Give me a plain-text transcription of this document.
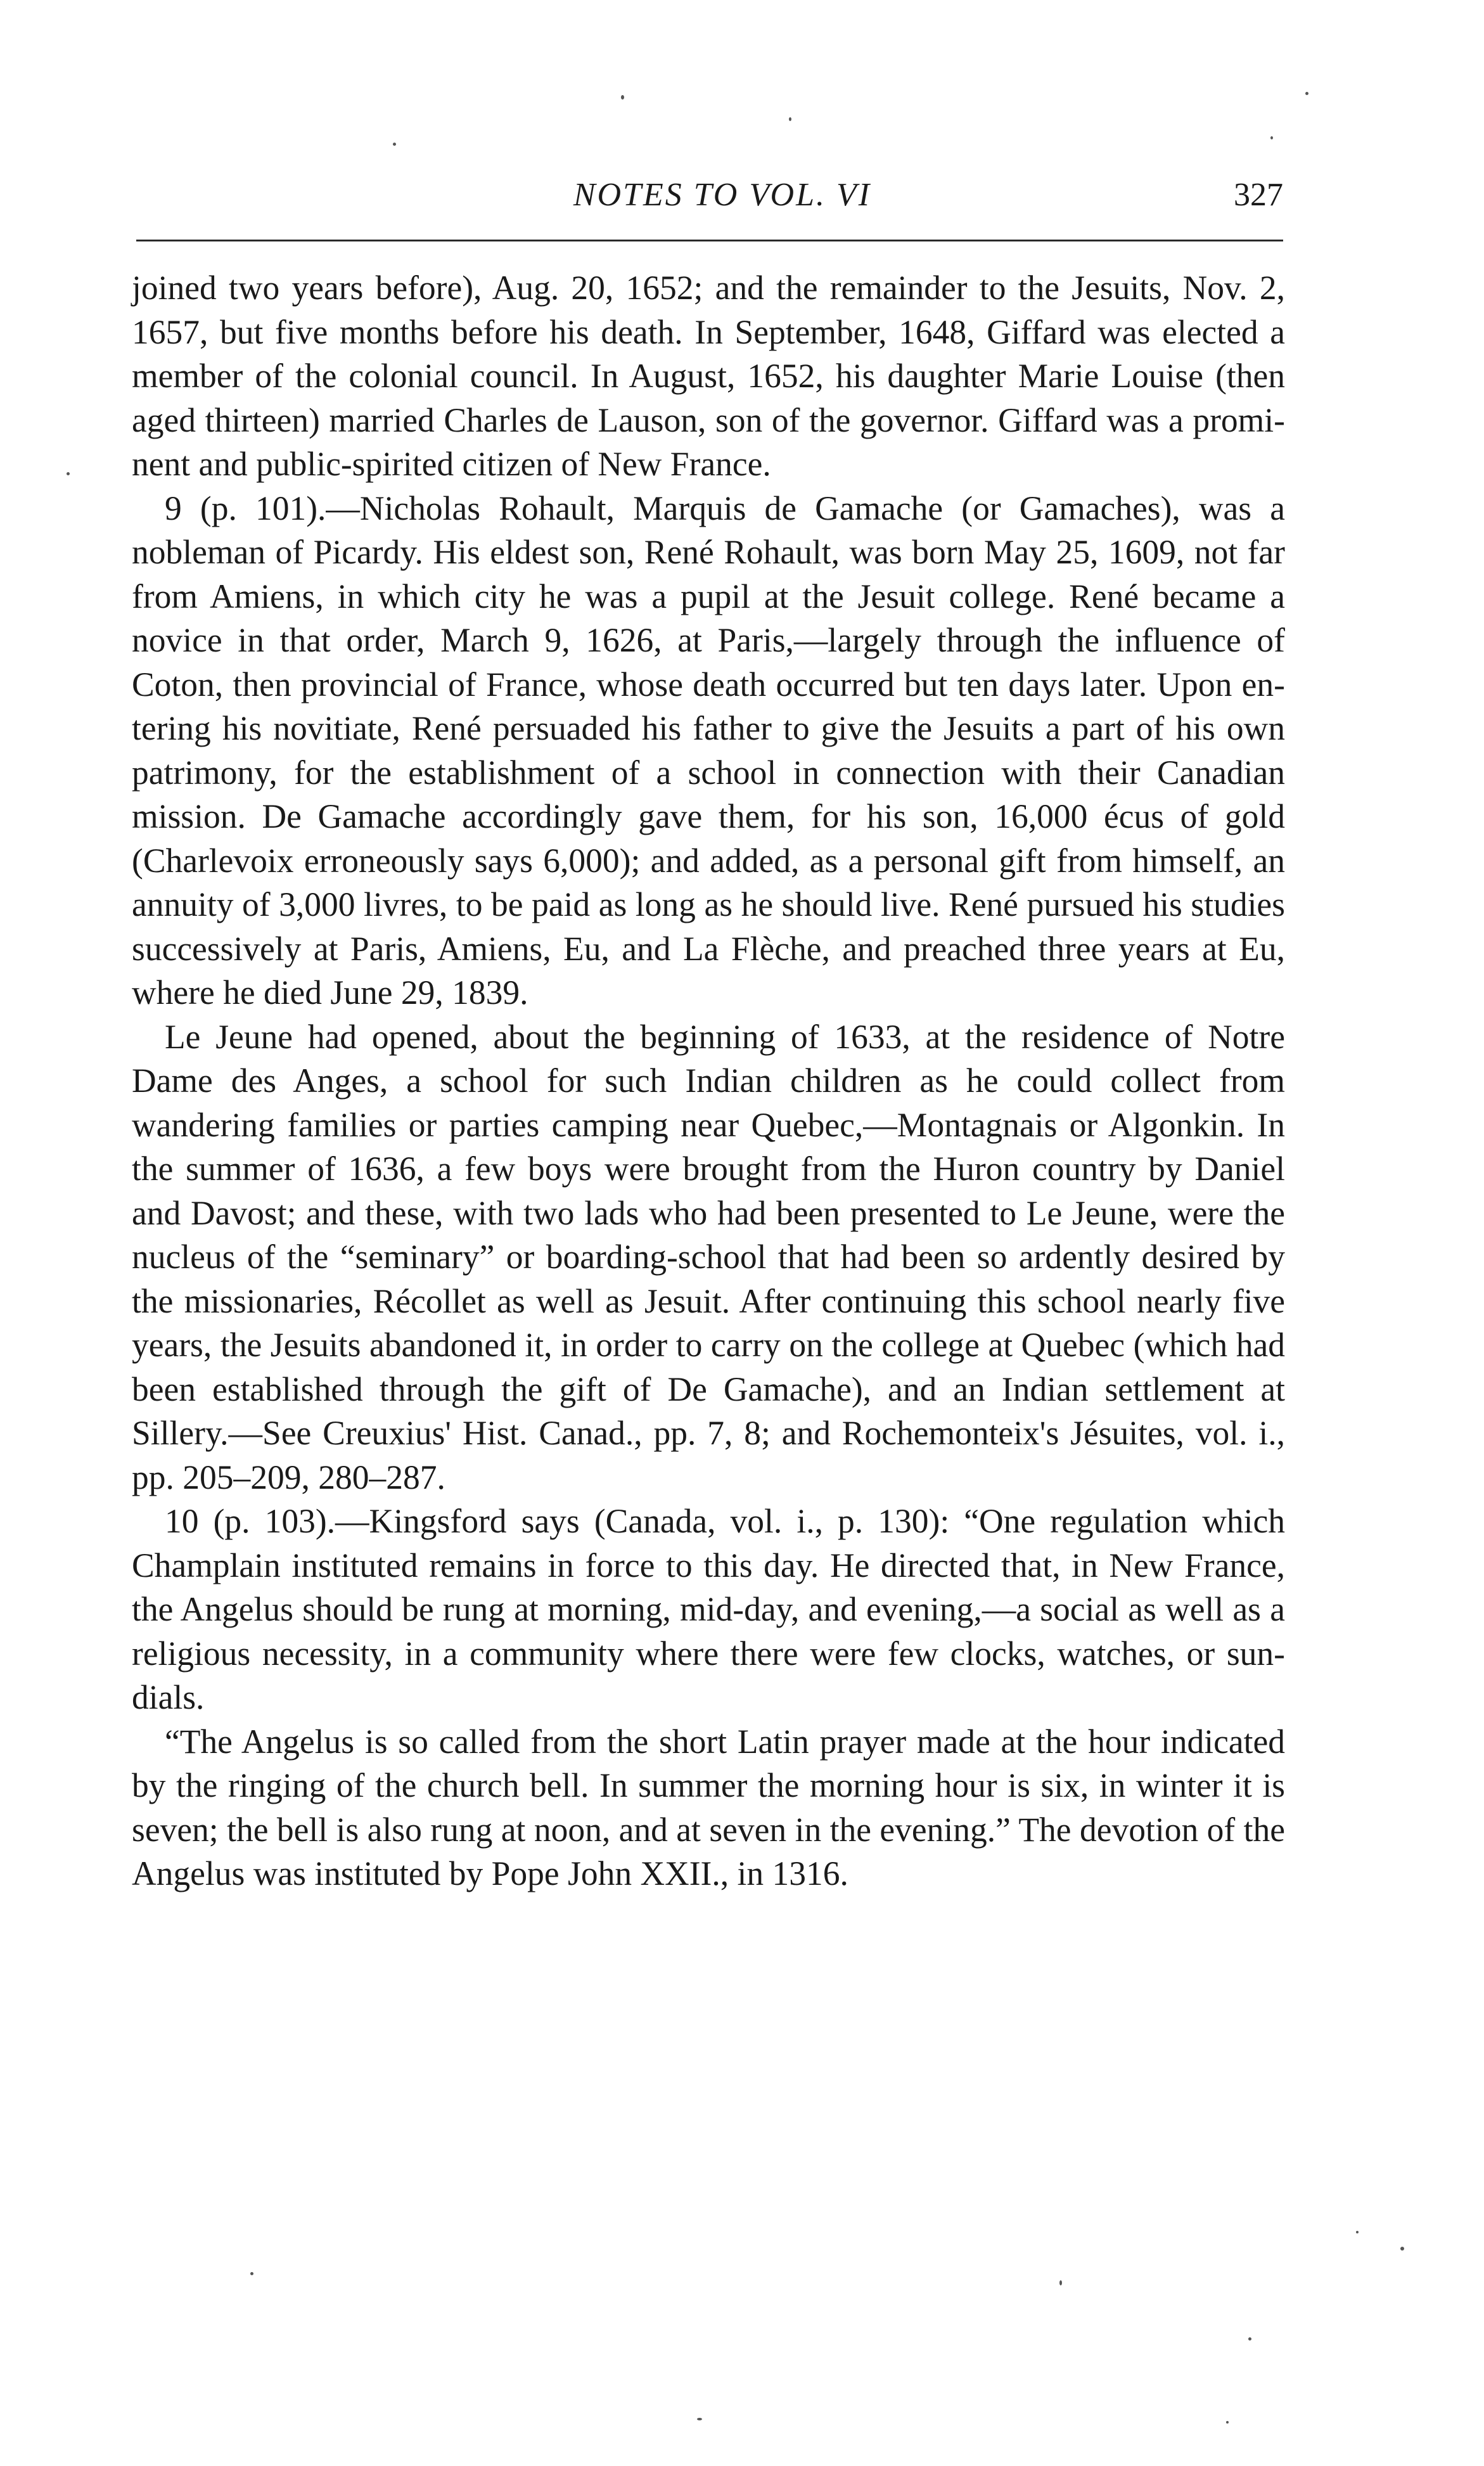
NOTES TO VOL. VI	327

joined two years before), Aug. 20, 1652; and the remainder to the Jesuits, Nov. 2, 1657, but five months before his death. In September, 1648, Giffard was elected a member of the colonial council. In August, 1652, his daughter Marie Louise (then aged thirteen) married Charles de Lauson, son of the governor. Giffard was a prominent and public-spirited citizen of New France.

9 (p. 101).—Nicholas Rohault, Marquis de Gamache (or Gamaches), was a nobleman of Picardy. His eldest son, René Rohault, was born May 25, 1609, not far from Amiens, in which city he was a pupil at the Jesuit college. René became a novice in that order, March 9, 1626, at Paris,—largely through the influence of Coton, then provincial of France, whose death occurred but ten days later. Upon entering his novitiate, René persuaded his father to give the Jesuits a part of his own patrimony, for the establishment of a school in connection with their Canadian mission. De Gamache accordingly gave them, for his son, 16,000 écus of gold (Charlevoix erroneously says 6,000); and added, as a personal gift from himself, an annuity of 3,000 livres, to be paid as long as he should live. René pursued his studies successively at Paris, Amiens, Eu, and La Flèche, and preached three years at Eu, where he died June 29, 1839.

Le Jeune had opened, about the beginning of 1633, at the residence of Notre Dame des Anges, a school for such Indian children as he could collect from wandering families or parties camping near Quebec,—Montagnais or Algonkin. In the summer of 1636, a few boys were brought from the Huron country by Daniel and Davost; and these, with two lads who had been presented to Le Jeune, were the nucleus of the “seminary” or boarding-school that had been so ardently desired by the missionaries, Récollet as well as Jesuit. After continuing this school nearly five years, the Jesuits abandoned it, in order to carry on the college at Quebec (which had been established through the gift of De Gamache), and an Indian settlement at Sillery.—See Creuxius' Hist. Canad., pp. 7, 8; and Rochemonteix's Jésuites, vol. i., pp. 205–209, 280–287.

10 (p. 103).—Kingsford says (Canada, vol. i., p. 130): “One regulation which Champlain instituted remains in force to this day. He directed that, in New France, the Angelus should be rung at morning, mid-day, and evening,—a social as well as a religious necessity, in a community where there were few clocks, watches, or sundials.

“The Angelus is so called from the short Latin prayer made at the hour indicated by the ringing of the church bell. In summer the morning hour is six, in winter it is seven; the bell is also rung at noon, and at seven in the evening.” The devotion of the Angelus was instituted by Pope John XXII., in 1316.
